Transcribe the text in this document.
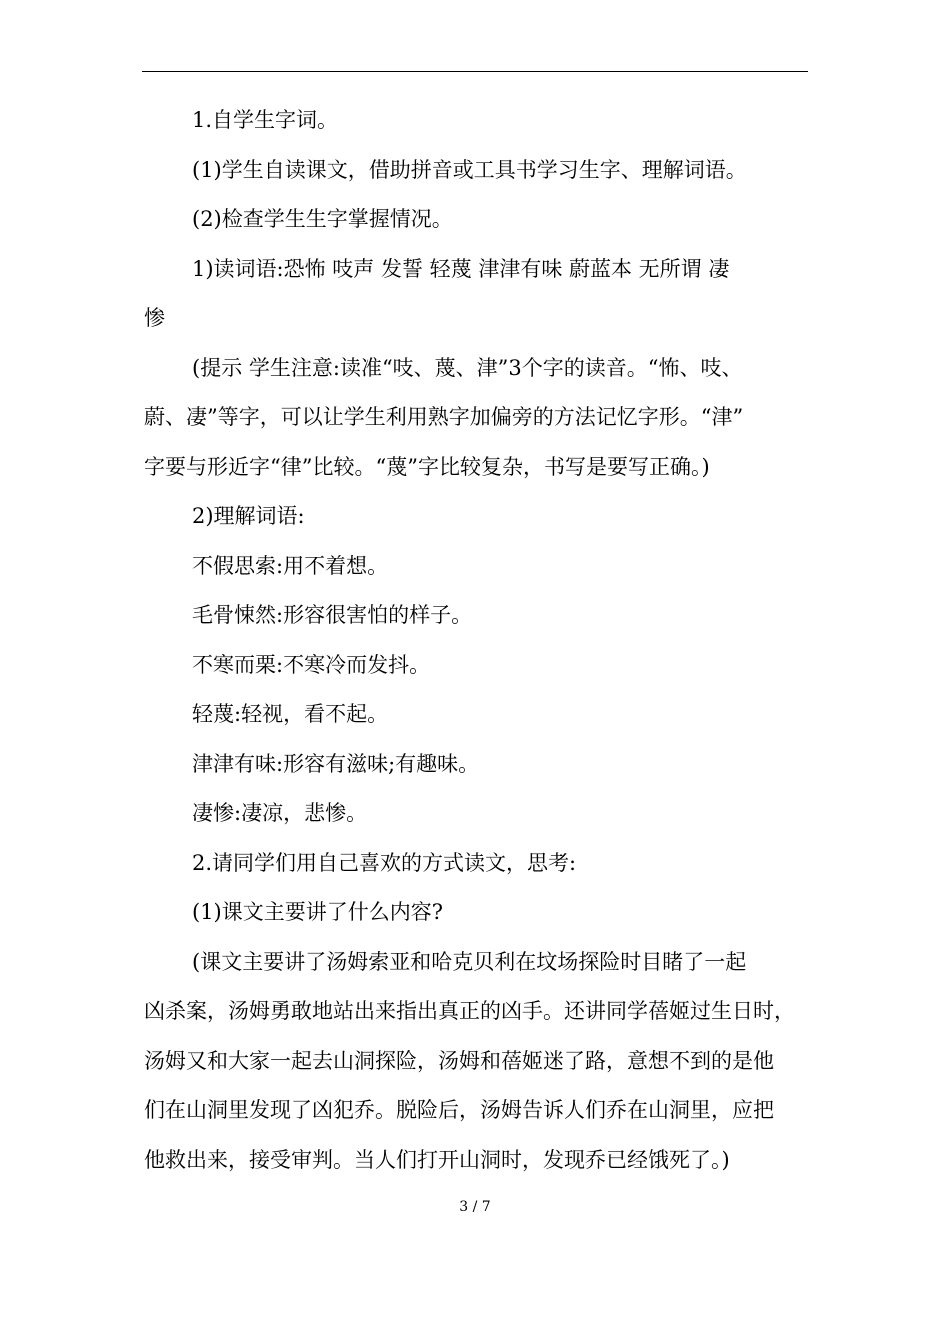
1.自学生字词。
(1)学生自读课文，借助拼音或工具书学习生字、理解词语。
(2)检查学生生字掌握情况。
1)读词语:恐怖 吱声 发誓 轻蔑 津津有味 蔚蓝本 无所谓 凄
惨
(提示 学生注意:读准“吱、蔑、津”3个字的读音。“怖、吱、
蔚、凄”等字，可以让学生利用熟字加偏旁的方法记忆字形。“津”
字要与形近字“律”比较。“蔑”字比较复杂，书写是要写正确。)
2)理解词语:
不假思索:用不着想。
毛骨悚然:形容很害怕的样子。
不寒而栗:不寒冷而发抖。
轻蔑:轻视，看不起。
津津有味:形容有滋味;有趣味。
凄惨:凄凉，悲惨。
2.请同学们用自己喜欢的方式读文，思考:
(1)课文主要讲了什么内容?
(课文主要讲了汤姆索亚和哈克贝利在坟场探险时目睹了一起
凶杀案，汤姆勇敢地站出来指出真正的凶手。还讲同学蓓姬过生日时，
汤姆又和大家一起去山洞探险，汤姆和蓓姬迷了路，意想不到的是他
们在山洞里发现了凶犯乔。脱险后，汤姆告诉人们乔在山洞里，应把
他救出来，接受审判。当人们打开山洞时，发现乔已经饿死了。)
3 / 7
